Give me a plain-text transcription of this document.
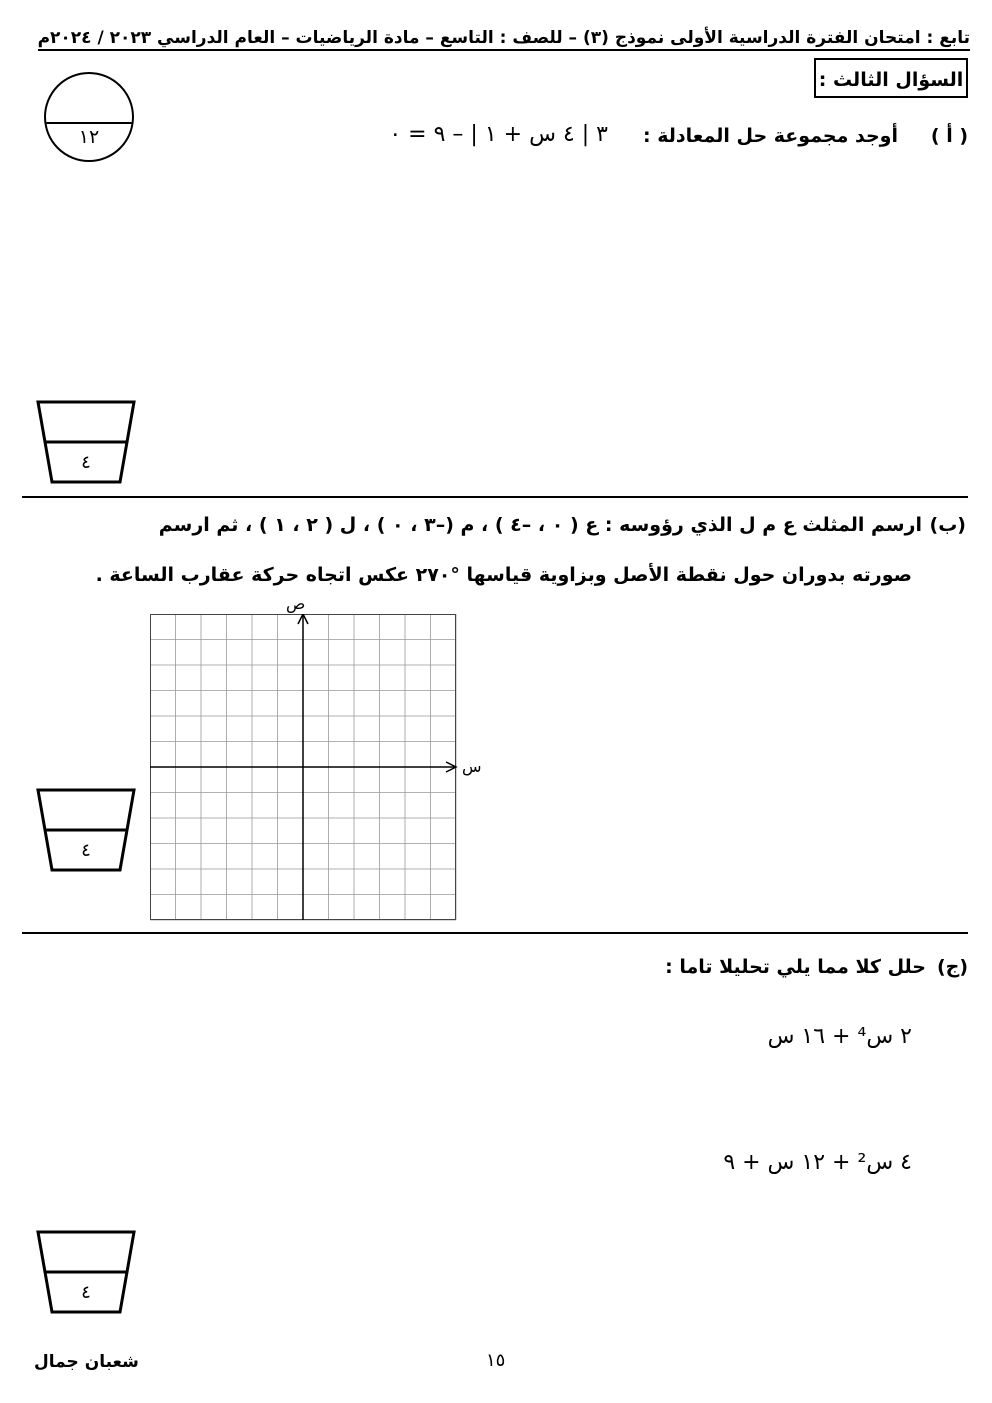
تابع : امتحان الفترة الدراسية الأولى نموذج (٣) – للصف : التاسع – مادة الرياضيات – العام الدراسي ٢٠٢٣ / ٢٠٢٤م
السؤال الثالث :
١٢	( أ )
أوجد مجموعة حل المعادلة :
٣ | ٤ س + ١ | – ٩ = ٠
٤
(ب)
ارسم المثلث ع م ل الذي رؤوسه : ع ( ٠ ، –٤ ) ، م (–٣ ، ٠ ) ، ل ( ٢ ، ١ ) ، ثم ارسم
صورته بدوران حول نقطة الأصل وبزاوية قياسها °٢٧٠ عكس اتجاه حركة عقارب الساعة .
ص
س
٤
(ج)
حلل كلا مما يلي تحليلا تاما :
٢ س⁴ + ١٦ س
٤ س² + ١٢ س + ٩
٤
شعبان جمال	١٥
